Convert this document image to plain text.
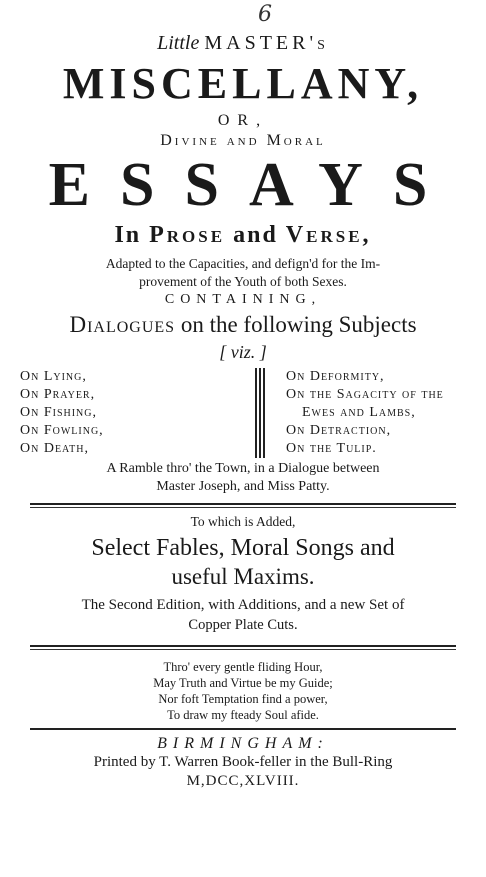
6
Little MASTER's
MISCELLANY,
OR,
Divine and Moral
ESSAYS
In Prose and Verse,
Adapted to the Capacities, and defign'd for the Im-
provement of the Youth of both Sexes.
CONTAINING,
Dialogues on the following Subjects
[ viz. ]
On Lying,
On Prayer,
On Fishing,
On Fowling,
On Death,
On Deformity,
On the Sagacity of the
Ewes and Lambs,
On Detraction,
On the Tulip.
A Ramble thro' the Town, in a Dialogue between
Master Joseph, and Miss Patty.
To which is Added,
Select Fables, Moral Songs and
useful Maxims.
The Second Edition, with Additions, and a new Set of
Copper Plate Cuts.
Thro' every gentle fliding Hour,
May Truth and Virtue be my Guide;
Nor foft Temptation find a power,
To draw my fteady Soul afide.
BIRMINGHAM:
Printed by T. Warren Book-feller in the Bull-Ring
M,DCC,XLVIII.
